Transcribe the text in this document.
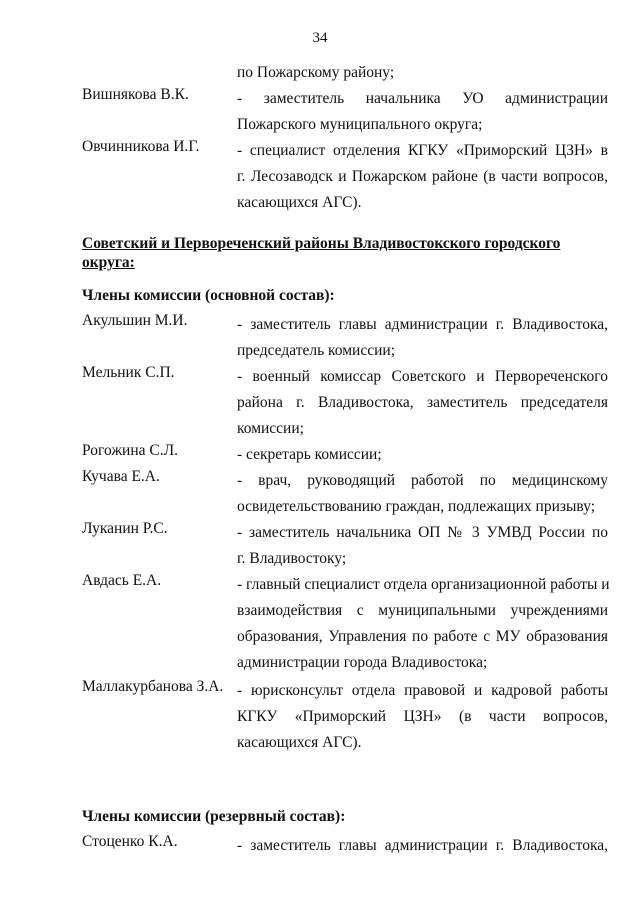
34
по Пожарскому району;
Вишнякова В.К.	- заместитель начальника УО администрации
Пожарского муниципального округа;
Овчинникова И.Г. - специалист отделения КГКУ «Приморский ЦЗН» в
г. Лесозаводск и Пожарском районе (в части вопросов,
касающихся АГС).
Советский и Первореченский районы Владивостокского городского
округа:
Члены комиссии (основной состав):
Акульшин М.И.	- заместитель главы администрации г. Владивостока,
председатель комиссии;
Мельник С.П.	- военный комиссар Советского и Первореченского
района г. Владивостока, заместитель председателя
комиссии;
Рогожина С.Л.	- секретарь комиссии;
Кучава Е.А.	- врач, руководящий работой по медицинскому
освидетельствованию граждан, подлежащих призыву;
Луканин Р.С.	- заместитель начальника ОП № 3 УМВД России по
г. Владивостоку;
Авдась Е.А.	- главный специалист отдела организационной работы и
взаимодействия с муниципальными учреждениями
образования, Управления по работе с МУ образования
администрации города Владивостока;
Маллакурбанова З.А. - юрисконсульт отдела правовой и кадровой работы
КГКУ «Приморский ЦЗН» (в части вопросов,
касающихся АГС).
Члены комиссии (резервный состав):
Стоценко К.А.	- заместитель главы администрации г. Владивостока,
